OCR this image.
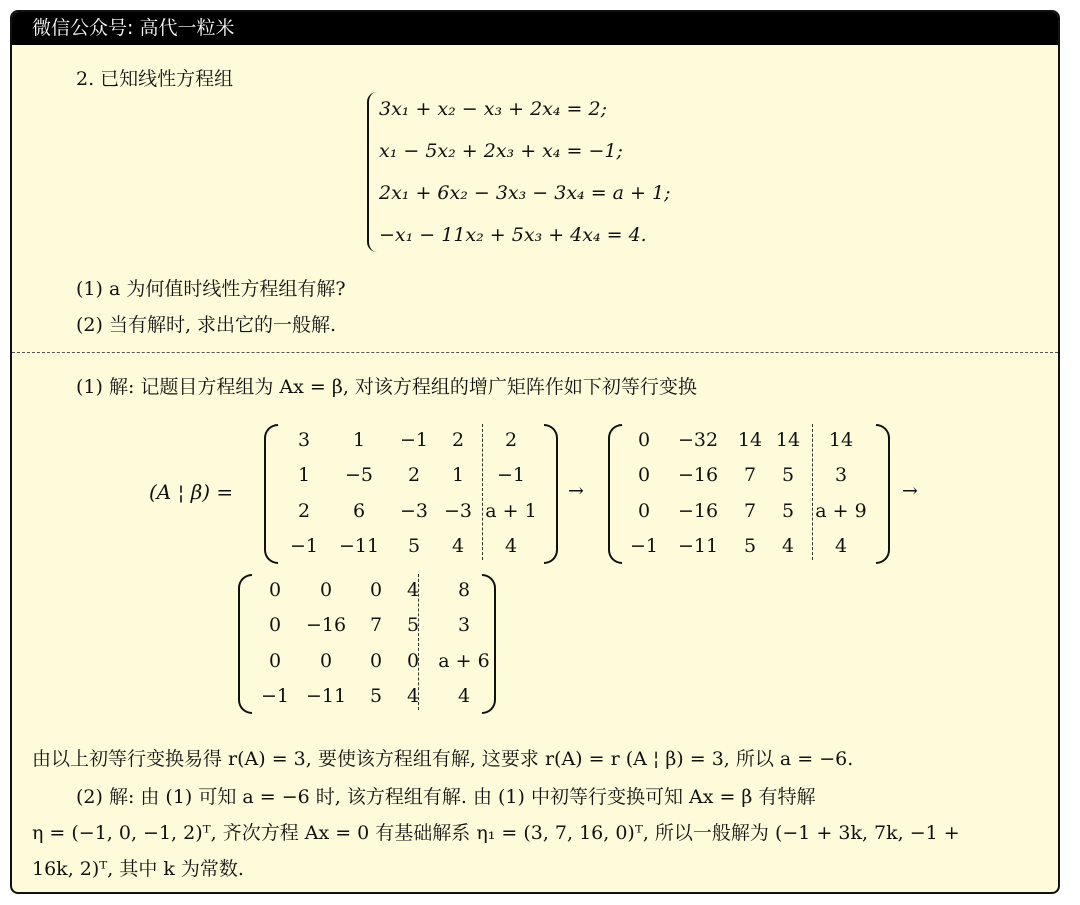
微信公众号: 高代一粒米
2. 已知线性方程组
3x₁ + x₂ − x₃ + 2x₄ = 2;
x₁ − 5x₂ + 2x₃ + x₄ = −1;
2x₁ + 6x₂ − 3x₃ − 3x₄ = a + 1;
−x₁ − 11x₂ + 5x₃ + 4x₄ = 4.
(1) a 为何值时线性方程组有解?
(2) 当有解时, 求出它的一般解.
(1) 解: 记题目方程组为 Ax = β, 对该方程组的增广矩阵作如下初等行变换
(A ¦ β) =
3	1	−1	2	2
1	−5	2	1	−1
2	6	−3	−3	a + 1
−1	−11	5	4	4
→
0	−32	14	14	14
0	−16	7	5	3
0	−16	7	5	a + 9
−1	−11	5	4	4
→
0	0	0	4	8
0	−16	7	5	3
0	0	0	0	a + 6
−1	−11	5	4	4
由以上初等行变换易得 r(A) = 3, 要使该方程组有解, 这要求 r(A) = r (A ¦ β) = 3, 所以 a = −6.
(2) 解: 由 (1) 可知 a = −6 时, 该方程组有解. 由 (1) 中初等行变换可知 Ax = β 有特解
η = (−1, 0, −1, 2)ᵀ, 齐次方程 Ax = 0 有基础解系 η₁ = (3, 7, 16, 0)ᵀ, 所以一般解为 (−1 + 3k, 7k, −1 +
16k, 2)ᵀ, 其中 k 为常数.
